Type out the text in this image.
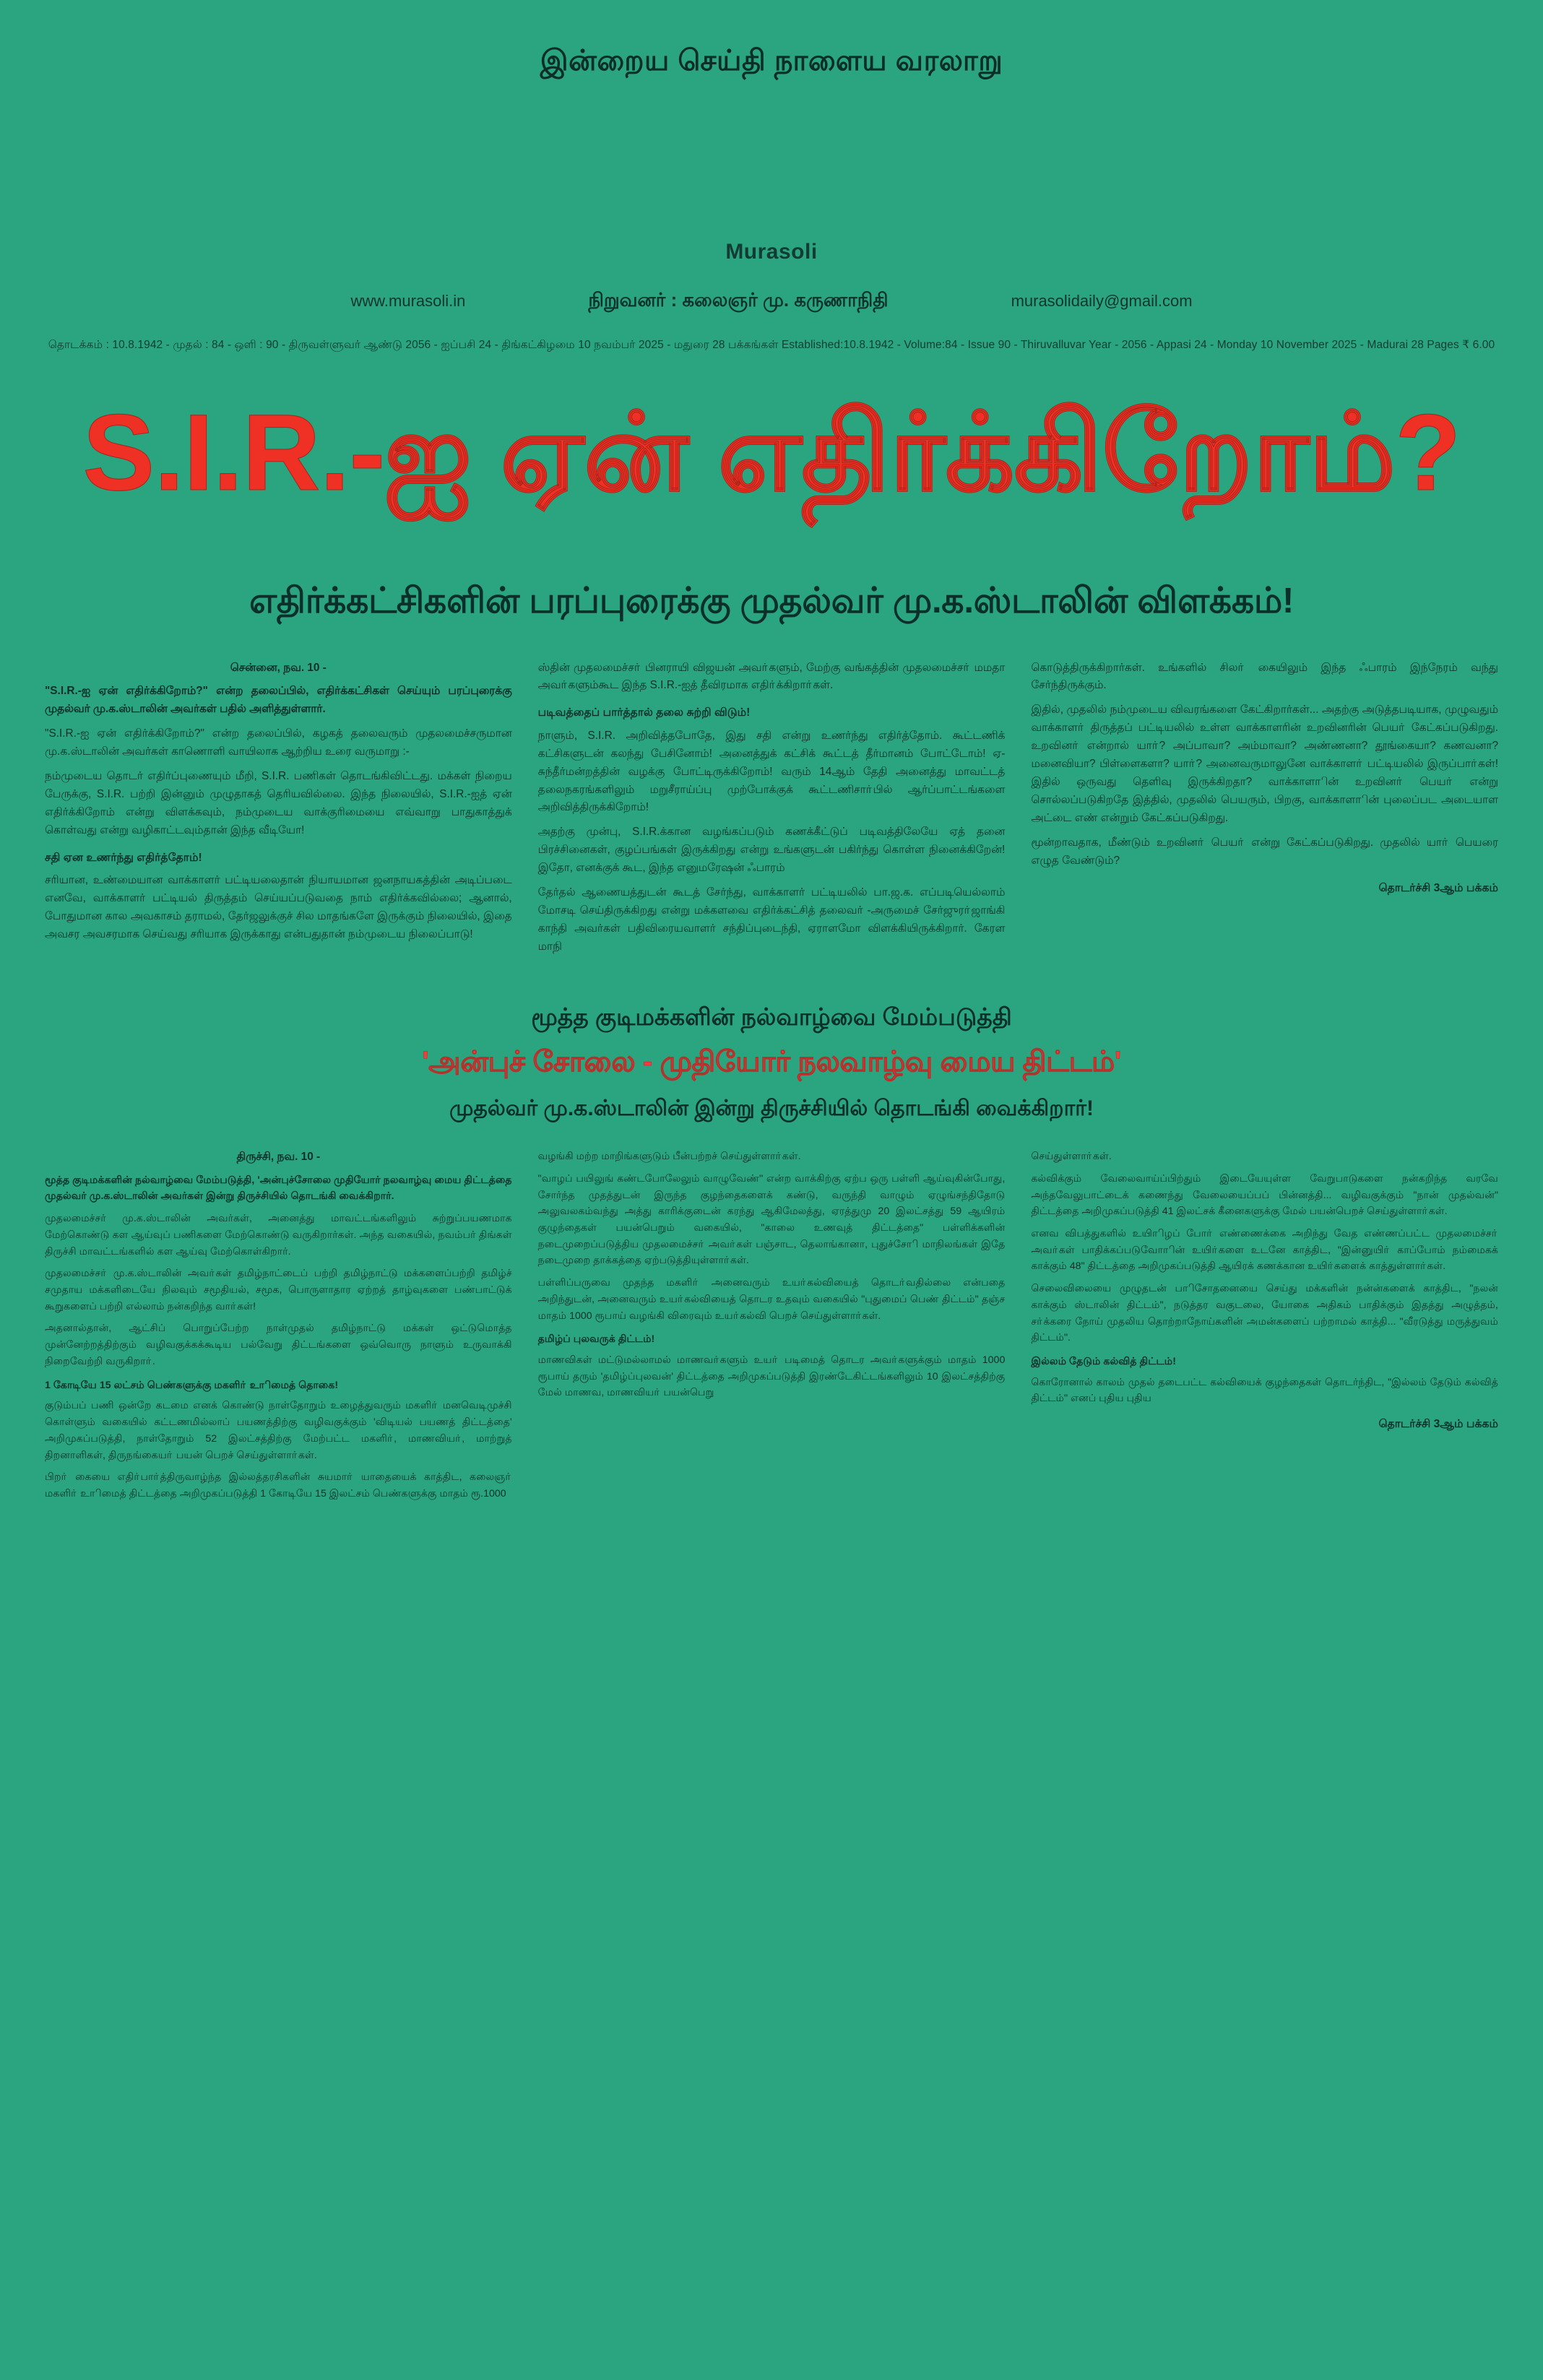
இன்றைய செய்தி நாளைய வரலாறு
Murasoli
www.murasoli.in	நிறுவனர் : கலைஞர் மு. கருணாநிதி	murasolidaily@gmail.com
தொடக்கம் : 10.8.1942 - முதல் : 84 - ஒளி : 90 - திருவள்ளுவர் ஆண்டு 2056 - ஐப்பசி 24 - திங்கட்கிழமை 10 நவம்பர் 2025 - மதுரை 28 பக்கங்கள் Established:10.8.1942 - Volume:84 - Issue 90 - Thiruvalluvar Year - 2056 - Appasi 24 - Monday 10 November 2025 - Madurai 28 Pages ₹ 6.00
S.I.R.-ஐ ஏன் எதிர்க்கிறோம்?
எதிர்க்கட்சிகளின் பரப்புரைக்கு முதல்வர் மு.க.ஸ்டாலின் விளக்கம்!
சென்னை, நவ. 10 -

"S.I.R.-ஐ ஏன் எதிர்க்கிறோம்?" என்ற தலைப்பில், எதிர்க்கட்சிகள் செய்யும் பரப்புரைக்கு முதல்வர் மு.க.ஸ்டாலின் அவர்கள் பதில் அளித்துள்ளார்.

"S.I.R.-ஐ ஏன் எதிர்க்கிறோம்?" என்ற தலைப்பில், கழகத் தலைவரும் முதலமைச்சருமான மு.க.ஸ்டாலின் அவர்கள் காணொளி வாயிலாக ஆற்றிய உரை வருமாறு :-

நம்முடைய தொடர் எதிர்ப்புணையும் மீறி, S.I.R. பணிகள் தொடங்கிவிட்டது. மக்கள் நிறைய பேருக்கு, S.I.R. பற்றி இன்னும் முழுதாகத் தெரியவில்லை. இந்த நிலையில், S.I.R.-ஐத் ஏன் எதிர்க்கிறோம் என்று விளக்கவும், நம்முடைய வாக்குரிமையை எவ்வாறு பாதுகாத்துக் கொள்வது என்று வழிகாட்டவும்தான் இந்த வீடியோ!

சதி ஏன உணர்ந்து எதிர்த்தோம்!

சரியான, உண்மையான வாக்காளர் பட்டியலைதான் நியாயமான ஜனநாயகத்தின் அடிப்படை எனவே, வாக்காளர் பட்டியல் திருத்தம் செய்யப்படுவதை நாம் எதிர்க்கவில்லை; ஆனால், போதுமான கால அவகாசம் தராமல், தேர்ஜலுக்குச் சில மாதங்களே இருக்கும் நிலையில், இதை அவசர அவசரமாக செய்வது சரியாக இருக்காது என்பதுதான் நம்முடைய நிலைப்பாடு!

ஸ்தின் முதலமைச்சா் பினராயி விஜயன் அவா்களும், மேற்கு வங்கத்தின் முதலமைச்சா் மமதா அவா்களும்கூட இந்த S.I.R.-ஐத் தீவிரமாக எதிா்க்கிறாா்கள்.

படிவத்தைப் பார்த்தால் தலை சுற்றி விடும்!

நாளும், S.I.R. அறிவித்தபோதே, இது சதி என்று உணர்ந்து எதிர்த்தோம். கூட்டணிக் கட்சிகளுடன் கலந்து பேசினோம்! அனைத்துக் கட்சிக் கூட்டத் தீர்மானம் போட்டோம்! ஏ-சுந்தீர்மன்றத்தின் வழக்கு போட்டிருக்கிறோம்! வரும் 14ஆம் தேதி அனைத்து மாவட்டத் தலைநகரங்களிலும் மறுசீராய்ப்பு முற்போக்குக் கூட்டணிசாா்பில் ஆர்ப்பாட்டங்களை அறிவித்திருக்கிறோம்!

அதற்கு முன்பு, S.I.R.க்கான வழங்கப்படும் கணக்கீட்டுப் படிவத்திலேயே ஏத் தனை பிரச்சினைகள், குழப்பங்கள் இருக்கிறது என்று உங்களுடன் பகிர்ந்து கொள்ள நினைக்கிறேன்! இதோ, எனக்குக் கூட, இந்த எனுமரேஷன் ஃபாரம்

தேர்தல் ஆணையத்துடன் கூடத் சேர்ந்து, வாக்காளர் பட்டியலில் பா.ஜ.க. எப்படியெல்லாம் மோசடி செய்திருக்கிறது என்று மக்களவை எதிர்க்கட்சித் தலைவர் -அருமைச் சேர்ஜுரா்ஜாங்கி காந்தி அவர்கள் பதிவிரையவாளர் சந்திப்புடைந்தி, ஏராளமாே விளக்கியிருக்கிறார். கேரள மாநி

கொடுத்திருக்கிறார்கள். உங்களில் சிலா் கையிலும் இந்த ஃபாரம் இந்நேரம் வந்து சேர்ந்திருக்கும்.

இதில், முதலில் நம்முடைய விவரங்களை கேட்கிறார்கள்... அதற்கு அடுத்தபடியாக, முழுவதும் வாக்காளா் திருத்தப் பட்டியலில் உள்ள வாக்காளரின் உறவினரின் பெயா் கேட்கப்படுகிறது. உறவினா் என்றால் யாா்? அப்பாவா? அம்மாவா? அண்ணனா? தூங்கையா? கணவனா? மனைவியா? பிள்ளைகளா? யாா்? அனைவருமாலுனே வாக்காளா் பட்டியலில் இருப்பாா்கள்! இதில் ஒருவது தெளிவு இருக்கிறதா? வாக்காளாின் உறவினா் பெயா் என்று சொல்லப்படுகிறதே இத்தில், முதலில் பெயரும், பிறகு, வாக்காளாின் புலைப்பட அடையாள அட்டை எண் என்றும் கேட்கப்படுகிறது.

மூன்றாவதாக, மீண்டும் உறவினா் பெயா் என்று கேட்கப்படுகிறது. முதலில் யாா் பெயரை எழுத வேண்டும்?

தொடர்ச்சி 3ஆம் பக்கம்
மூத்த குடிமக்களின் நல்வாழ்வை மேம்படுத்தி
'அன்புச் சோலை - முதியோர் நலவாழ்வு மைய திட்டம்'
முதல்வர் மு.க.ஸ்டாலின் இன்று திருச்சியில் தொடங்கி வைக்கிறார்!
திருச்சி, நவ. 10 -

மூத்த குடிமக்களின் நல்வாழ்வை மேம்படுத்தி, 'அன்புச்சோலை முதியோர் நலவாழ்வு மைய திட்டத்தை முதல்வர் மு.க.ஸ்டாலின் அவர்கள் இன்று திருச்சியில் தொடங்கி வைக்கிறார்.

முதலமைச்சர் மு.க.ஸ்டாலின் அவர்கள், அனைத்து மாவட்டங்களிலும் சுற்றுப்பயணமாக மேற்கொண்டு கள ஆய்வுப் பணிகளை மேற்கொண்டு வருகிறார்கள். அந்த வகையில், நவம்பர் திங்கள் திருச்சி மாவட்டங்களில் கள ஆய்வு மேற்கொள்கிறார்.

முதலமைச்சா் மு.க.ஸ்டாலின் அவா்கள் தமிழ்நாட்டைப் பற்றி தமிழ்நாட்டு மக்களைப்பற்றி தமிழ்ச் சமுதாய மக்களிடையே நிலவும் சமூதியல், சமூக, பொருளாதார ஏற்றத் தாழ்வுகளை பண்பாட்டுக் கூறுகளைப் பற்றி எல்லாம் நன்கறிந்த வாா்கள்!

அதனால்தான், ஆட்சிப் பொறுப்பேற்ற நாள்முதல் தமிழ்நாட்டு மக்கள் ஒட்டுமொத்த முன்னேற்றத்திற்கும் வழிவகுக்கக்கூடிய பல்வேறு திட்டங்களை ஒவ்வொரு நாளும் உருவாக்கி நிறைவேற்றி வருகிறாா்.

1 கோடியே 15 லட்சம் பெண்களுக்கு மகளிா் உாிமைத் தொகை!

குடும்பப் பணி ஒன்றே கடமை எனக் கொண்டு நாள்தோறும் உழைத்துவரும் மகளிா் மனவெடிமுச்சி கொள்ளும் வகையில் கட்டணமில்லாப் பயணத்திற்கு வழிவகுக்கும் 'விடியல் பயணத் திட்டத்தை' அறிமுகப்படுத்தி, நாள்தோறும் 52 இலட்சத்திற்கு மேற்பட்ட மகளிா், மாணவியா், மாற்றுத் திறனாளிகள், திருநங்கையா் பயன் பெறச் செய்துள்ளாா்கள்.

பிறா் கையை எதிா்பாா்த்திருவாழ்ந்த இல்லத்தரசிகளின் சுயமாா் யாதையைக் காத்திட, கலைஞா் மகளிா் உாிமைத் திட்டத்தை அறிமுகப்படுத்தி 1 கோடியே 15 இலட்சம் பெண்களுக்கு மாதம் ரூ.1000

வழங்கி மற்ற மாறிங்களுடும் பீன்பற்றச் செய்துள்ளாா்கள்.

"வாழப் பயிலுங் கண்டபோலேலும் வாழுவேண்" என்ற வாக்கிற்கு ஏற்ப ஒரு பள்ளி ஆய்வுகின்போது, சோர்ந்த முதத்துடன் இருந்த குழந்தைகளைக் கண்டு, வருந்தி வாழும் ஏழுங்சந்திதோடு அலுவலகம்வந்து அத்து காரிக்குடைன் கரந்து ஆகிமேலத்து, ஏரத்துமு 20 இலட்சத்து 59 ஆயிரம் குழுந்தைகள் பயன்பெறும் வகையில், "காலை உணவுத் திட்டத்தை" பள்ளிக்களின் நடைமுறைப்படுத்திய முதலமைச்சா் அவா்கள் பஞ்சாட, தெலாங்கானா, புதுச்சோி மாநிலங்கள் இதே நடைமுறை தாக்கத்தை ஏற்படுத்தியுள்ளாா்கள்.

பள்ளிப்பருவை முதந்த மகளிா் அனைவரும் உயா்கல்வியைத் தொடா்வதில்லை என்பதை அறிந்துடன், அனைவரும் உயா்கல்வியைத் தொடர உதவும் வகையில் "புதுமைப் பெண் திட்டம்" தஞ்ச மாதம் 1000 ரூபாய் வழங்கி விரைவும் உயா்கல்வி பெறச் செய்துள்ளாா்கள்.

தமிழ்ப் புலவருக் திட்டம்!

மாணவிகள் மட்டுமல்லாமல் மாணவா்களும் உயா் படிமைத் தொடர அவா்களுக்கும் மாதம் 1000 ரூபாய் தரும் 'தமிழ்ப்புலவன்' திட்டத்தை அறிமுகப்படுத்தி இரண்டேகிட்டங்களிலும் 10 இலட்சத்திற்கு மேல் மாணவ, மாணவியா் பயன்பெறு

செய்துள்ளாா்கள்.

கல்விக்கும் வேலைவாய்ப்பிற்தும் இடையேயுள்ள வேறுபாடுகளை நன்கறிந்த வரவே அந்தவேலுபாட்டைக் கணைந்து வேலையைப்பப் பின்னத்தி... வழிவகுக்கும் "நான் முதல்வன்" திட்டத்தை அறிமுகப்படுத்தி 41 இலட்சக் கீனைகளுக்கு மேல் பயன்பெறச் செய்துள்ளாா்கள்.

எனவ விபத்துகளில் உயிாிழப் போா் எண்ணைக்கை அறிந்து வேத எண்ணப்பட்ட முதலமைச்சா் அவா்கள் பாதிக்கப்படுவோாின் உயிா்களை உடனே காத்திட, "இன்னுயிா் காப்போம் நம்மைகக் காக்கும் 48" திட்டத்தை அறிமுகப்படுத்தி ஆயிரக் கணக்கான உயிா்களைக் காத்துள்ளாா்கள்.

செலைவிலையை முழுதடன் பாிசோதனையை செய்து மக்களின் நன்ன்களைக் காத்திட, "நலன் காக்கும் ஸ்டாலின் திட்டம்", நடுத்தர வகுடலை, யோகை அதிகம் பாதிக்கும் இதத்து அழுத்தம், சா்க்கரை நோய் முதலிய தொற்றாநோய்களின் அமன்களைப் பற்றாமல் காத்தி... "வீரடுத்து மருத்துவம் திட்டம்".

இல்லம் தேடும் கல்வித் திட்டம்!

கொரோனால் காலம் முதல் தடைபட்ட கல்வியைக் குழந்தைகள் தொடர்ந்திட, "இல்லம் தேடும் கல்வித் திட்டம்" எனப் புதிய புதிய

தொடர்ச்சி 3ஆம் பக்கம்
